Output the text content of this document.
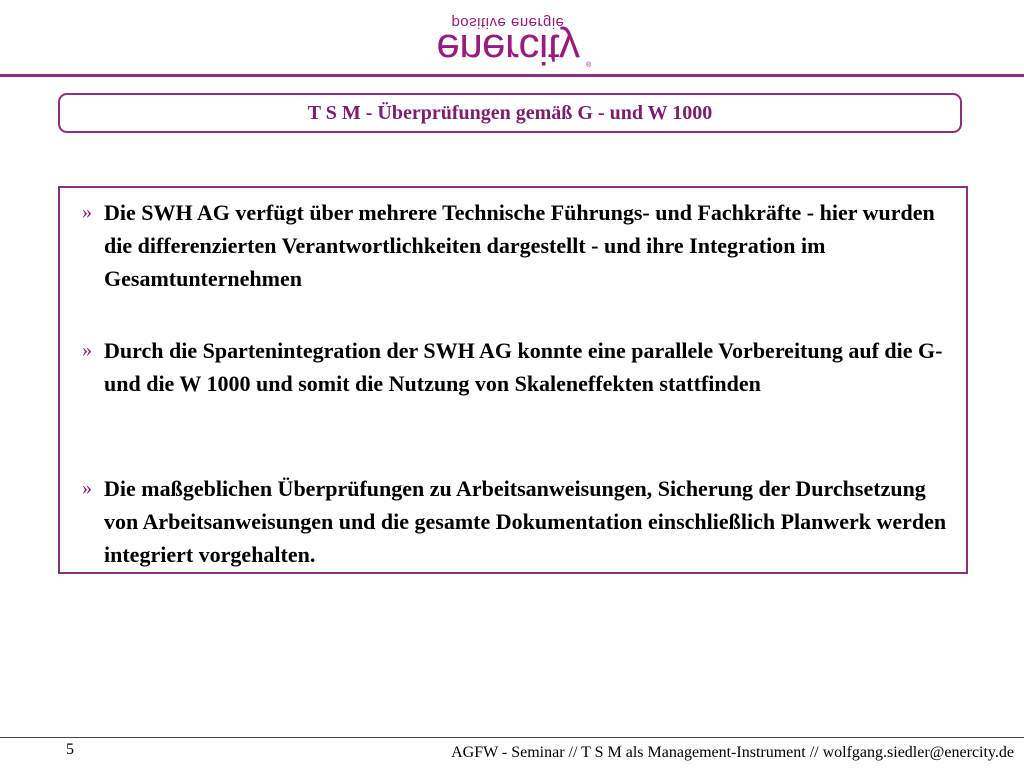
positive energie
enercity ®
T S M - Überprüfungen gemäß G - und W 1000
» Die SWH AG verfügt über mehrere Technische Führungs- und Fachkräfte - hier wurden die differenzierten Verantwortlichkeiten dargestellt - und ihre Integration im Gesamtunternehmen
» Durch die Spartenintegration der SWH AG konnte eine parallele Vorbereitung auf die G- und die W 1000 und somit die Nutzung von Skaleneffekten stattfinden
» Die maßgeblichen Überprüfungen zu Arbeitsanweisungen, Sicherung der Durchsetzung von Arbeitsanweisungen und die gesamte Dokumentation einschließlich Planwerk werden integriert vorgehalten.
5	AGFW - Seminar // T S M als Management-Instrument // wolfgang.siedler@enercity.de
